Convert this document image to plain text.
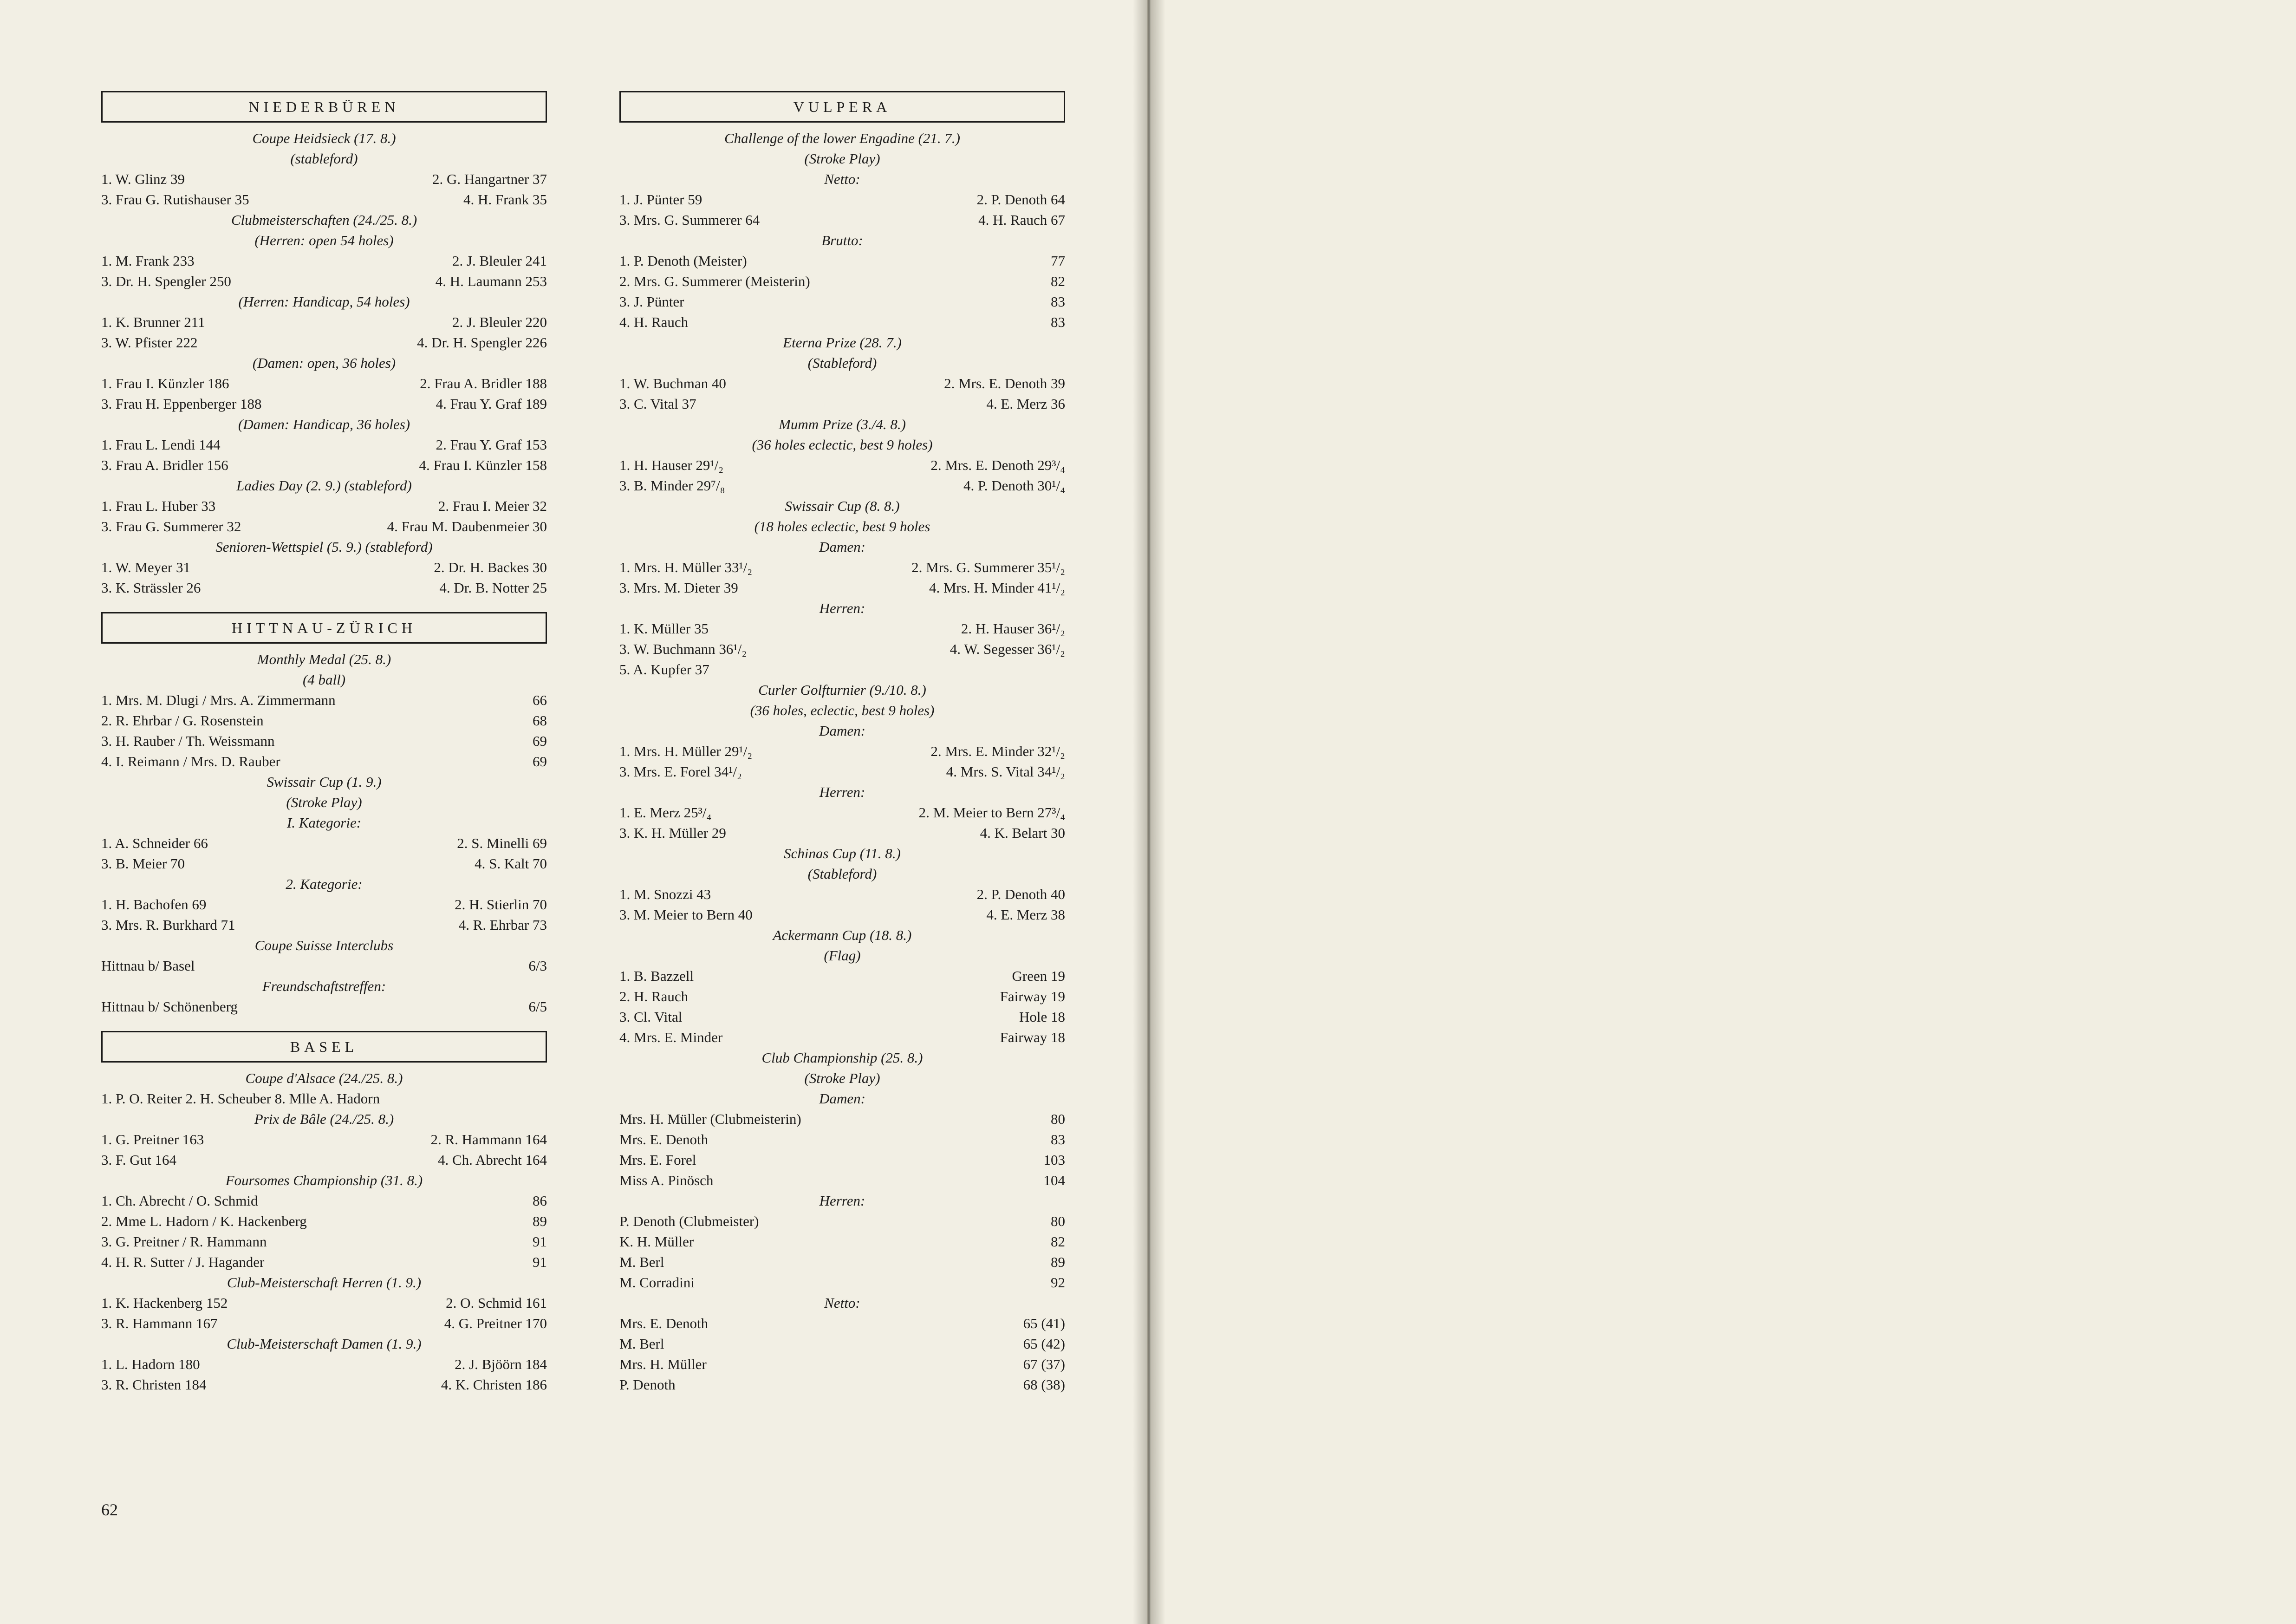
NIEDERBÜREN
Coupe Heidsieck (17. 8.)
(stableford)
1. W. Glinz 39	2. G. Hangartner 37
3. Frau G. Rutishauser 35	4. H. Frank 35
Clubmeisterschaften (24./25. 8.)
(Herren: open 54 holes)
1. M. Frank 233	2. J. Bleuler 241
3. Dr. H. Spengler 250	4. H. Laumann 253
(Herren: Handicap, 54 holes)
1. K. Brunner 211	2. J. Bleuler 220
3. W. Pfister 222	4. Dr. H. Spengler 226
(Damen: open, 36 holes)
1. Frau I. Künzler 186	2. Frau A. Bridler 188
3. Frau H. Eppenberger 188	4. Frau Y. Graf 189
(Damen: Handicap, 36 holes)
1. Frau L. Lendi 144	2. Frau Y. Graf 153
3. Frau A. Bridler 156	4. Frau I. Künzler 158
Ladies Day (2. 9.) (stableford)
1. Frau L. Huber 33	2. Frau I. Meier 32
3. Frau G. Summerer 32	4. Frau M. Daubenmeier 30
Senioren-Wettspiel (5. 9.) (stableford)
1. W. Meyer 31	2. Dr. H. Backes 30
3. K. Strässler 26	4. Dr. B. Notter 25
HITTNAU-ZÜRICH
Monthly Medal (25. 8.)
(4 ball)
1. Mrs. M. Dlugi / Mrs. A. Zimmermann	66
2. R. Ehrbar / G. Rosenstein	68
3. H. Rauber / Th. Weissmann	69
4. I. Reimann / Mrs. D. Rauber	69
Swissair Cup (1. 9.)
(Stroke Play)
I. Kategorie:
1. A. Schneider 66	2. S. Minelli 69
3. B. Meier 70	4. S. Kalt 70
2. Kategorie:
1. H. Bachofen 69	2. H. Stierlin 70
3. Mrs. R. Burkhard 71	4. R. Ehrbar 73
Coupe Suisse Interclubs
Hittnau b/ Basel	6/3
Freundschaftstreffen:
Hittnau b/ Schönenberg	6/5
BASEL
Coupe d'Alsace (24./25. 8.)
1. P. O. Reiter 2. H. Scheuber 8. Mlle A. Hadorn
Prix de Bâle (24./25. 8.)
1. G. Preitner 163	2. R. Hammann 164
3. F. Gut 164	4. Ch. Abrecht 164
Foursomes Championship (31. 8.)
1. Ch. Abrecht / O. Schmid	86
2. Mme L. Hadorn / K. Hackenberg	89
3. G. Preitner / R. Hammann	91
4. H. R. Sutter / J. Hagander	91
Club-Meisterschaft Herren (1. 9.)
1. K. Hackenberg 152	2. O. Schmid 161
3. R. Hammann 167	4. G. Preitner 170
Club-Meisterschaft Damen (1. 9.)
1. L. Hadorn 180	2. J. Bjöörn 184
3. R. Christen 184	4. K. Christen 186
VULPERA
Challenge of the lower Engadine (21. 7.)
(Stroke Play)
Netto:
1. J. Pünter 59	2. P. Denoth 64
3. Mrs. G. Summerer 64	4. H. Rauch 67
Brutto:
1. P. Denoth (Meister)	77
2. Mrs. G. Summerer (Meisterin)	82
3. J. Pünter	83
4. H. Rauch	83
Eterna Prize (28. 7.)
(Stableford)
1. W. Buchman 40	2. Mrs. E. Denoth 39
3. C. Vital 37	4. E. Merz 36
Mumm Prize (3./4. 8.)
(36 holes eclectic, best 9 holes)
1. H. Hauser 29¹/₂	2. Mrs. E. Denoth 29³/₄
3. B. Minder 29⁷/₈	4. P. Denoth 30¹/₄
Swissair Cup (8. 8.)
(18 holes eclectic, best 9 holes
Damen:
1. Mrs. H. Müller 33¹/₂	2. Mrs. G. Summerer 35¹/₂
3. Mrs. M. Dieter 39	4. Mrs. H. Minder 41¹/₂
Herren:
1. K. Müller 35	2. H. Hauser 36¹/₂
3. W. Buchmann 36¹/₂	4. W. Segesser 36¹/₂
5. A. Kupfer 37
Curler Golfturnier (9./10. 8.)
(36 holes, eclectic, best 9 holes)
Damen:
1. Mrs. H. Müller 29¹/₂	2. Mrs. E. Minder 32¹/₂
3. Mrs. E. Forel 34¹/₂	4. Mrs. S. Vital 34¹/₂
Herren:
1. E. Merz 25³/₄	2. M. Meier to Bern 27³/₄
3. K. H. Müller 29	4. K. Belart 30
Schinas Cup (11. 8.)
(Stableford)
1. M. Snozzi 43	2. P. Denoth 40
3. M. Meier to Bern 40	4. E. Merz 38
Ackermann Cup (18. 8.)
(Flag)
1. B. Bazzell	Green 19
2. H. Rauch	Fairway 19
3. Cl. Vital	Hole 18
4. Mrs. E. Minder	Fairway 18
Club Championship (25. 8.)
(Stroke Play)
Damen:
Mrs. H. Müller (Clubmeisterin)	80
Mrs. E. Denoth	83
Mrs. E. Forel	103
Miss A. Pinösch	104
Herren:
P. Denoth (Clubmeister)	80
K. H. Müller	82
M. Berl	89
M. Corradini	92
Netto:
Mrs. E. Denoth	65 (41)
M. Berl	65 (42)
Mrs. H. Müller	67 (37)
P. Denoth	68 (38)
62
